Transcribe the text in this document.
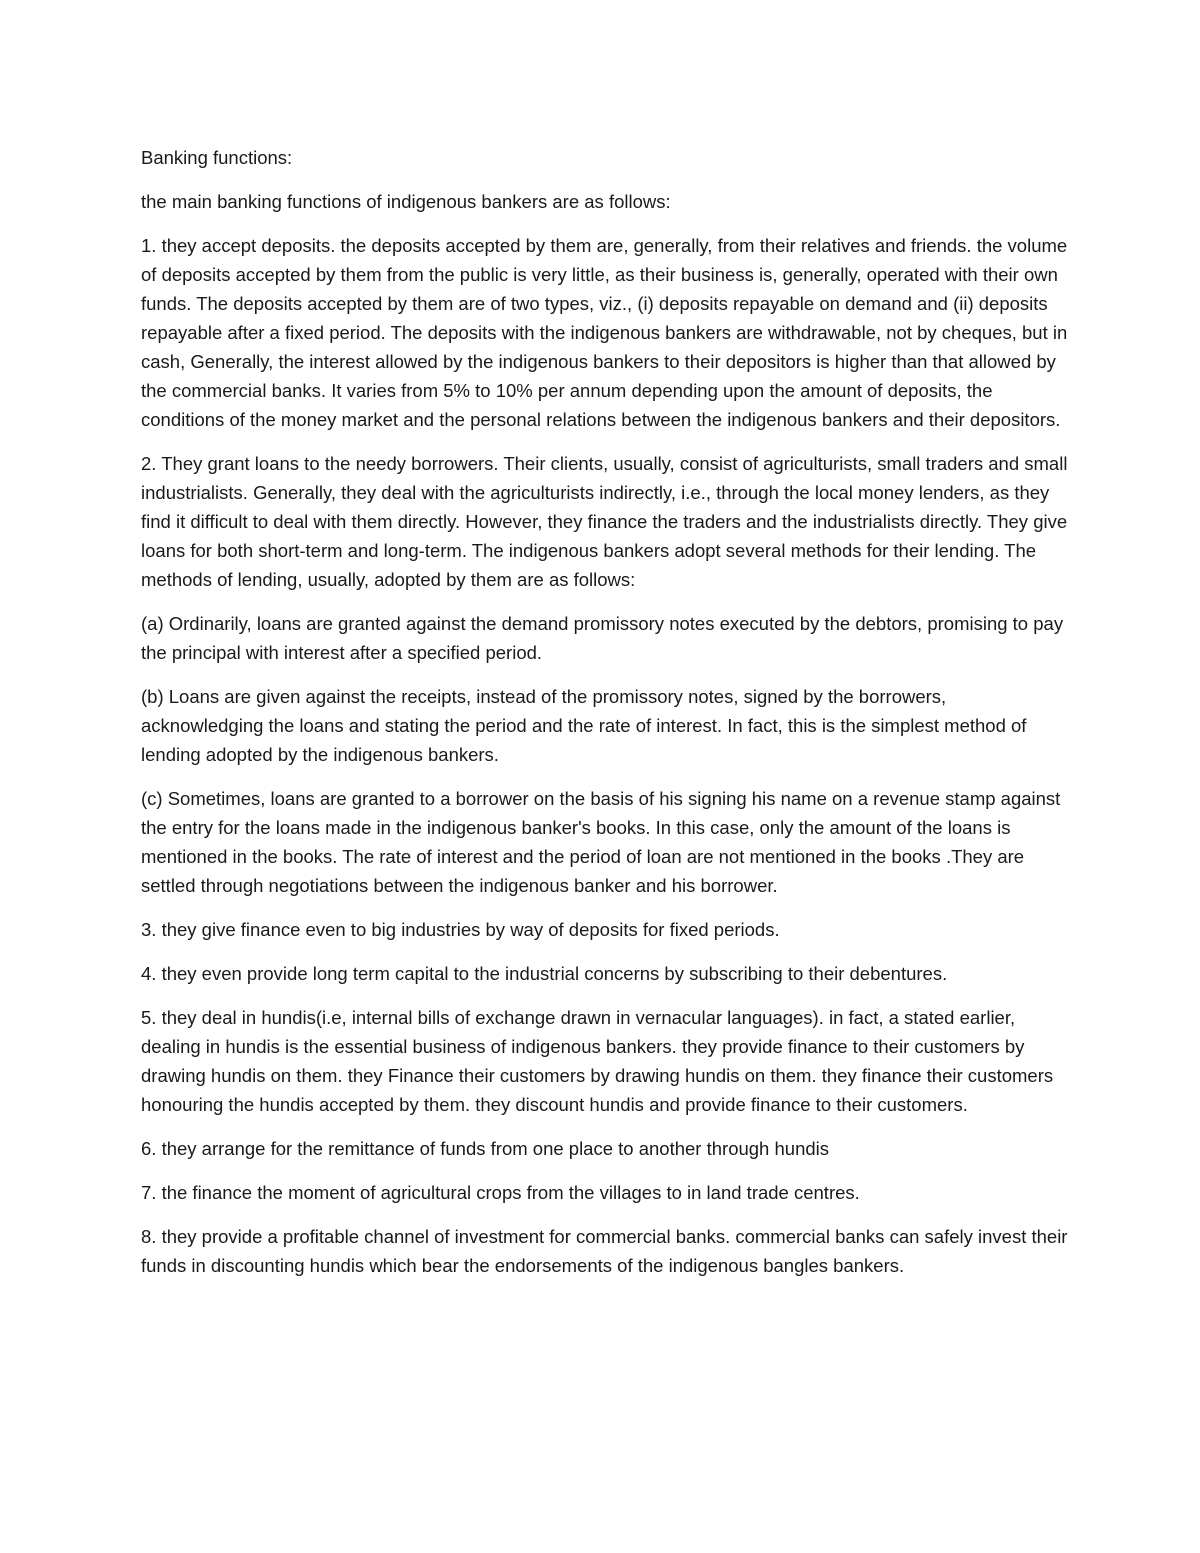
Banking functions:

the main banking functions of indigenous bankers are as follows:

1. they accept deposits. the deposits accepted by them are, generally, from their relatives and friends. the volume of deposits accepted by them from the public is very little, as their business is, generally, operated with their own funds. The deposits accepted by them are of two types, viz., (i) deposits repayable on demand and (ii) deposits repayable after a fixed period. The deposits with the indigenous bankers are withdrawable, not by cheques, but in cash, Generally, the interest allowed by the indigenous bankers to their depositors is higher than that allowed by the commercial banks. It varies from 5% to 10% per annum depending upon the amount of deposits, the conditions of the money market and the personal relations between the indigenous bankers and their depositors.

2. They grant loans to the needy borrowers. Their clients, usually, consist of agriculturists, small traders and small industrialists. Generally, they deal with the agriculturists indirectly, i.e., through the local money lenders, as they find it difficult to deal with them directly. However, they finance the traders and the industrialists directly. They give loans for both short-term and long-term. The indigenous bankers adopt several methods for their lending. The methods of lending, usually, adopted by them are as follows:

(a) Ordinarily, loans are granted against the demand promissory notes executed by the debtors, promising to pay the principal with interest after a specified period.

(b) Loans are given against the receipts, instead of the promissory notes, signed by the borrowers, acknowledging the loans and stating the period and the rate of interest. In fact, this is the simplest method of lending adopted by the indigenous bankers.

(c) Sometimes, loans are granted to a borrower on the basis of his signing his name on a revenue stamp against the entry for the loans made in the indigenous banker's books. In this case, only the amount of the loans is mentioned in the books. The rate of interest and the period of loan are not mentioned in the books .They are settled through negotiations between the indigenous banker and his borrower.

3. they give finance even to big industries by way of deposits for fixed periods.

4. they even provide long term capital to the industrial concerns by subscribing to their debentures.

5. they deal in hundis(i.e, internal bills of exchange drawn in vernacular languages). in fact, a stated earlier, dealing in hundis is the essential business of indigenous bankers. they provide finance to their customers by drawing hundis on them. they Finance their customers by drawing hundis on them. they finance their customers honouring the hundis accepted by them. they discount hundis and provide finance to their customers.

6. they arrange for the remittance of funds from one place to another through hundis

7. the finance the moment of agricultural crops from the villages to in land trade centres.

8. they provide a profitable channel of investment for commercial banks. commercial banks can safely invest their funds in discounting hundis which bear the endorsements of the indigenous bangles bankers.
